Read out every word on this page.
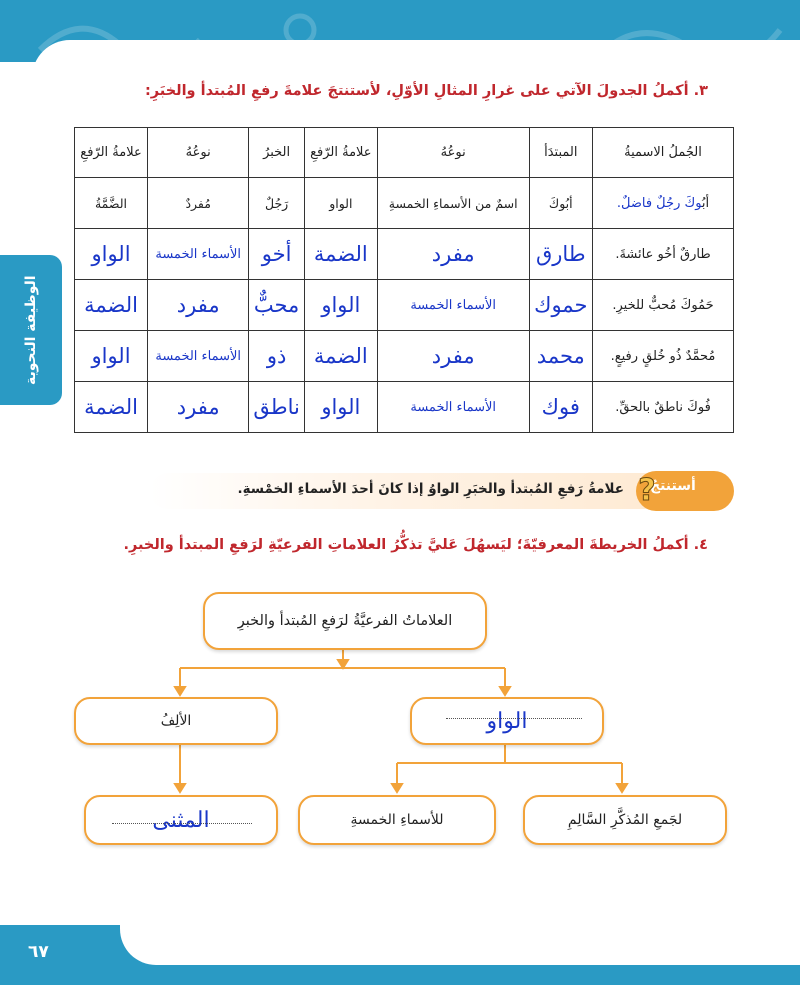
الوظيفة النحوية
٣. أكملُ الجدولَ الآتي على غرارِ المثالِ الأوّلِ، لأستنتجَ علامةَ رفعِ المُبتدأ والخبَرِ:
الجُملُ الاسميةُ	المبتدَأ	نوعُهُ	علامةُ الرّفعِ	الخبرُ	نوعُهُ	علامةُ الرّفعِ
أبُوكَ رجُلٌ فاضلٌ.	أبُوكَ	اسمٌ من الأسماءِ الخمسةِ	الواو	رَجُلٌ	مُفردٌ	الضَّمَّةُ
طارقٌ أخُو عائشةَ.	طارق	مفرد	الضمة	أخو	الأسماء الخمسة	الواو
حَمُوكَ مُحبٌّ للخيرِ.	حموك	الأسماء الخمسة	الواو	محبٌّ	مفرد	الضمة
مُحمَّدٌ ذُو خُلقٍ رفيعٍ.	محمد	مفرد	الضمة	ذو	الأسماء الخمسة	الواو
فُوكَ ناطقٌ بالحقِّ.	فوك	الأسماء الخمسة	الواو	ناطق	مفرد	الضمة
أستنتجُ
?
علامةُ رَفعِ المُبتدأ والخبَرِ الواوُ إذا كانَ أحدَ الأسماءِ الخمْسةِ.
٤. أكملُ الخريطةَ المعرفيّةَ؛ ليَسهُلَ عَليَّ تذكُّرُ العلاماتِ الفرعيّةِ لرَفعِ المبتدأ والخبرِ.
العلاماتُ الفرعيَّةُ لرَفعِ المُبتدأ والخبرِ
الواو
الألِفُ
لجَمعِ المُذكَّرِ السَّالِمِ
للأسماءِ الخمسةِ
المثنى
٦٧
